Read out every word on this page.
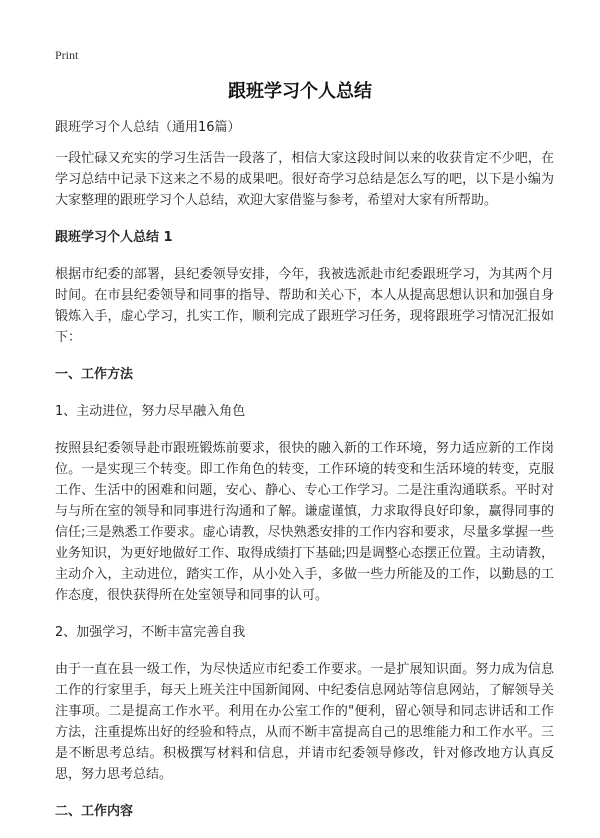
Print
跟班学习个人总结

跟班学习个人总结（通用16篇）

一段忙碌又充实的学习生活告一段落了，相信大家这段时间以来的收获肯定不少吧，在学习总结中记录下这来之不易的成果吧。很好奇学习总结是怎么写的吧，以下是小编为大家整理的跟班学习个人总结，欢迎大家借鉴与参考，希望对大家有所帮助。

跟班学习个人总结 1

根据市纪委的部署，县纪委领导安排，今年，我被选派赴市纪委跟班学习，为其两个月时间。在市县纪委领导和同事的指导、帮助和关心下，本人从提高思想认识和加强自身锻炼入手，虚心学习，扎实工作，顺利完成了跟班学习任务，现将跟班学习情况汇报如下：

一、工作方法

1、主动进位，努力尽早融入角色

按照县纪委领导赴市跟班锻炼前要求，很快的融入新的工作环境，努力适应新的工作岗位。一是实现三个转变。即工作角色的转变，工作环境的转变和生活环境的转变，克服工作、生活中的困难和问题，安心、静心、专心工作学习。二是注重沟通联系。平时对与与所在室的领导和同事进行沟通和了解。谦虚谨慎，力求取得良好印象，赢得同事的信任;三是熟悉工作要求。虚心请教，尽快熟悉安排的工作内容和要求，尽量多掌握一些业务知识，为更好地做好工作、取得成绩打下基础;四是调整心态摆正位置。主动请教，主动介入，主动进位，踏实工作，从小处入手，多做一些力所能及的工作，以勤恳的工作态度，很快获得所在处室领导和同事的认可。

2、加强学习，不断丰富完善自我

由于一直在县一级工作，为尽快适应市纪委工作要求。一是扩展知识面。努力成为信息工作的行家里手，每天上班关注中国新闻网、中纪委信息网站等信息网站，了解领导关注事项。二是提高工作水平。利用在办公室工作的"便利，留心领导和同志讲话和工作方法，注重提炼出好的经验和特点，从而不断丰富提高自己的思维能力和工作水平。三是不断思考总结。积极撰写材料和信息，并请市纪委领导修改，针对修改地方认真反思，努力思考总结。

二、工作内容
